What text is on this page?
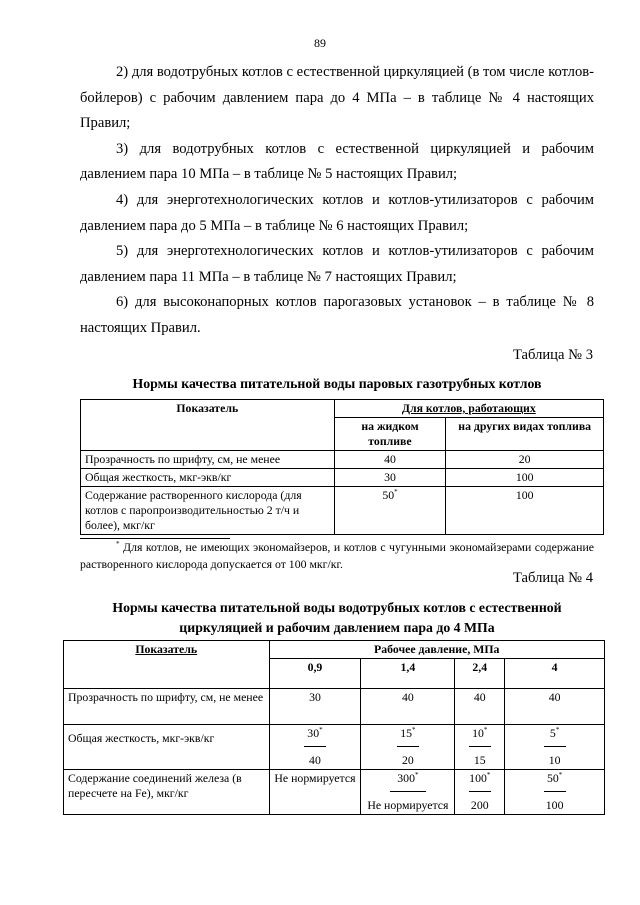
89

2) для водотрубных котлов с естественной циркуляцией (в том числе котлов-бойлеров) с рабочим давлением пара до 4 МПа – в таблице № 4 настоящих Правил;

3) для водотрубных котлов с естественной циркуляцией и рабочим давлением пара 10 МПа – в таблице № 5 настоящих Правил;

4) для энерготехнологических котлов и котлов-утилизаторов с рабочим давлением пара до 5 МПа – в таблице № 6 настоящих Правил;

5) для энерготехнологических котлов и котлов-утилизаторов с рабочим давлением пара 11 МПа – в таблице № 7 настоящих Правил;

6) для высоконапорных котлов парогазовых установок – в таблице № 8 настоящих Правил.

Таблица № 3
Нормы качества питательной воды паровых газотрубных котлов
Показатель	Для котлов, работающих	
	на жидком топливе	на других видах топлива
Прозрачность по шрифту, см, не менее	40	20
Общая жесткость, мкг-экв/кг	30	100
Содержание растворенного кислорода (для котлов с паропроизводительностью 2 т/ч и более), мкг/кг	50*	100
* Для котлов, не имеющих экономайзеров, и котлов с чугунными экономайзерами содержание растворенного кислорода допускается от 100 мкг/кг.
Таблица № 4
Нормы качества питательной воды водотрубных котлов с естественной циркуляцией и рабочим давлением пара до 4 МПа
Показатель	Рабочее давление, МПа			
	0,9	1,4	2,4	4
Прозрачность по шрифту, см, не менее	30	40	40	40
Общая жесткость, мкг-экв/кг	$\frac{30^*}{40}$	$\frac{15^*}{20}$	$\frac{10^*}{15}$	$\frac{5^*}{10}$
Содержание соединений железа (в пересчете на Fe), мкг/кг	Не нормируется	$\frac{300^*}{\text{Не нормируется}}$	$\frac{100^*}{200}$	$\frac{50^*}{100}$
